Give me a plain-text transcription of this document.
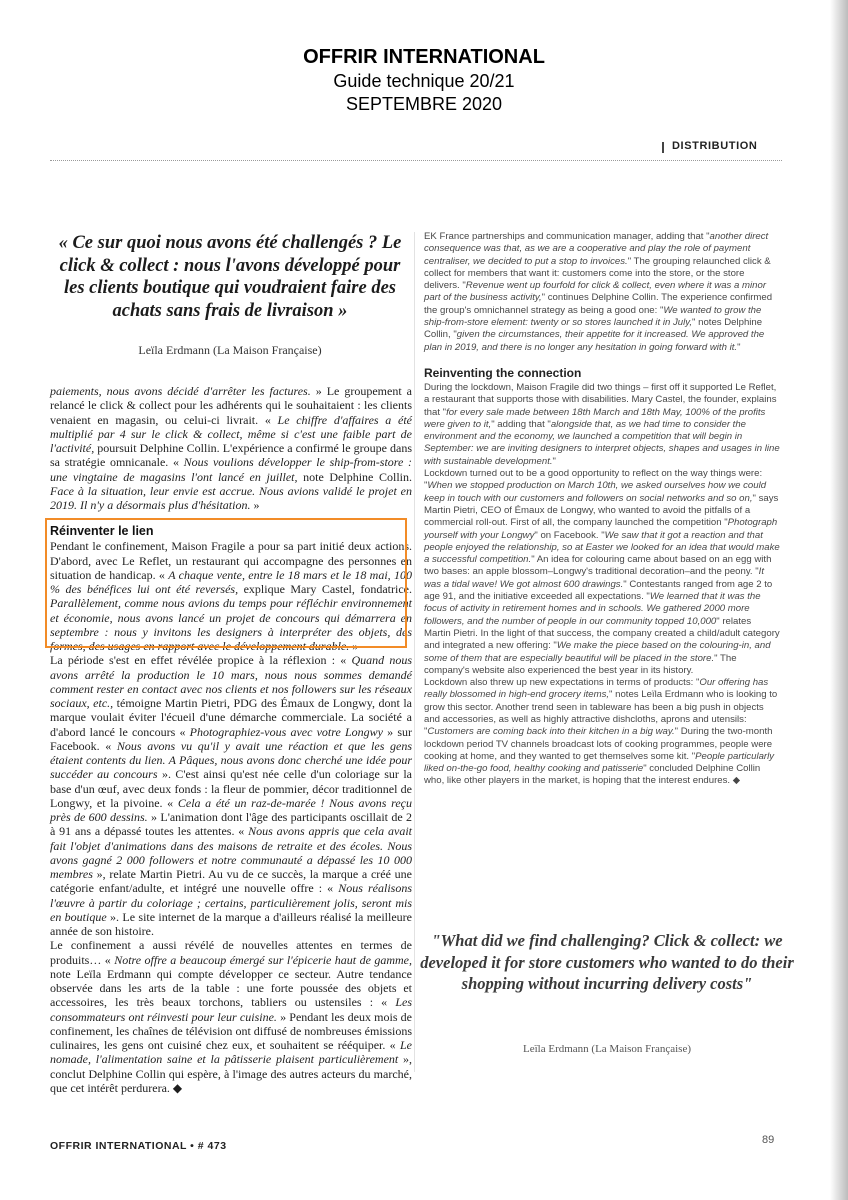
OFFRIR INTERNATIONAL
Guide technique 20/21
SEPTEMBRE 2020
DISTRIBUTION
« Ce sur quoi nous avons été challengés ? Le click & collect : nous l'avons développé pour les clients boutique qui voudraient faire des achats sans frais de livraison »
Leïla Erdmann (La Maison Française)

paiements, nous avons décidé d'arrêter les factures. » Le groupement a relancé le click & collect pour les adhérents qui le souhaitaient : les clients venaient en magasin, ou celui-ci livrait. « Le chiffre d'affaires a été multiplié par 4 sur le click & collect, même si c'est une faible part de l'activité, poursuit Delphine Collin. L'expérience a confirmé le groupe dans sa stratégie omnicanale. « Nous voulions développer le ship-from-store : une vingtaine de magasins l'ont lancé en juillet, note Delphine Collin. Face à la situation, leur envie est accrue. Nous avions validé le projet en 2019. Il n'y a désormais plus d'hésitation. »

Réinventer le lien

Pendant le confinement, Maison Fragile a pour sa part initié deux actions. D'abord, avec Le Reflet, un restaurant qui accompagne des personnes en situation de handicap. « A chaque vente, entre le 18 mars et le 18 mai, 100 % des bénéfices lui ont été reversés, explique Mary Castel, fondatrice. Parallèlement, comme nous avions du temps pour réfléchir environnement et économie, nous avons lancé un projet de concours qui démarrera en septembre : nous y invitons les designers à interpréter des objets, des formes, des usages en rapport avec le développement durable. »

La période s'est en effet révélée propice à la réflexion : « Quand nous avons arrêté la production le 10 mars, nous nous sommes demandé comment rester en contact avec nos clients et nos followers sur les réseaux sociaux, etc., témoigne Martin Pietri, PDG des Émaux de Longwy, dont la marque voulait éviter l'écueil d'une démarche commerciale. La société a d'abord lancé le concours « Photographiez-vous avec votre Longwy » sur Facebook. « Nous avons vu qu'il y avait une réaction et que les gens étaient contents du lien. A Pâques, nous avons donc cherché une idée pour succéder au concours ». C'est ainsi qu'est née celle d'un coloriage sur la base d'un œuf, avec deux fonds : la fleur de pommier, décor traditionnel de Longwy, et la pivoine. « Cela a été un raz-de-marée ! Nous avons reçu près de 600 dessins. » L'animation dont l'âge des participants oscillait de 2 à 91 ans a dépassé toutes les attentes. « Nous avons appris que cela avait fait l'objet d'animations dans des maisons de retraite et des écoles. Nous avons gagné 2 000 followers et notre communauté a dépassé les 10 000 membres », relate Martin Pietri. Au vu de ce succès, la marque a créé une catégorie enfant/adulte, et intégré une nouvelle offre : « Nous réalisons l'œuvre à partir du coloriage ; certains, particulièrement jolis, seront mis en boutique ». Le site internet de la marque a d'ailleurs réalisé la meilleure année de son histoire.

Le confinement a aussi révélé de nouvelles attentes en termes de produits… « Notre offre a beaucoup émergé sur l'épicerie haut de gamme, note Leïla Erdmann qui compte développer ce secteur. Autre tendance observée dans les arts de la table : une forte poussée des objets et accessoires, les très beaux torchons, tabliers ou ustensiles : « Les consommateurs ont réinvesti pour leur cuisine. » Pendant les deux mois de confinement, les chaînes de télévision ont diffusé de nombreuses émissions culinaires, les gens ont cuisiné chez eux, et souhaitent se rééquiper. « Le nomade, l'alimentation saine et la pâtisserie plaisent particulièrement », conclut Delphine Collin qui espère, à l'image des autres acteurs du marché, que cet intérêt perdurera. ◆

EK France partnerships and communication manager, adding that "another direct consequence was that, as we are a cooperative and play the role of payment centraliser, we decided to put a stop to invoices." The grouping relaunched click & collect for members that want it: customers come into the store, or the store delivers. "Revenue went up fourfold for click & collect, even where it was a minor part of the business activity," continues Delphine Collin. The experience confirmed the group's omnichannel strategy as being a good one: "We wanted to grow the ship-from-store element: twenty or so stores launched it in July," notes Delphine Collin, "given the circumstances, their appetite for it increased. We approved the plan in 2019, and there is no longer any hesitation in going forward with it."

Reinventing the connection

During the lockdown, Maison Fragile did two things – first off it supported Le Reflet, a restaurant that supports those with disabilities. Mary Castel, the founder, explains that "for every sale made between 18th March and 18th May, 100% of the profits were given to it," adding that "alongside that, as we had time to consider the environment and the economy, we launched a competition that will begin in September: we are inviting designers to interpret objects, shapes and usages in line with sustainable development."

Lockdown turned out to be a good opportunity to reflect on the way things were: "When we stopped production on March 10th, we asked ourselves how we could keep in touch with our customers and followers on social networks and so on," says Martin Pietri, CEO of Émaux de Longwy, who wanted to avoid the pitfalls of a commercial roll-out. First of all, the company launched the competition "Photograph yourself with your Longwy" on Facebook. "We saw that it got a reaction and that people enjoyed the relationship, so at Easter we looked for an idea that would make a successful competition." An idea for colouring came about based on an egg with two bases: an apple blossom–Longwy's traditional decoration–and the peony. "It was a tidal wave! We got almost 600 drawings." Contestants ranged from age 2 to age 91, and the initiative exceeded all expectations. "We learned that it was the focus of activity in retirement homes and in schools. We gathered 2000 more followers, and the number of people in our community topped 10,000" relates Martin Pietri. In the light of that success, the company created a child/adult category and integrated a new offering: "We make the piece based on the colouring-in, and some of them that are especially beautiful will be placed in the store." The company's website also experienced the best year in its history.

Lockdown also threw up new expectations in terms of products: "Our offering has really blossomed in high-end grocery items," notes Leïla Erdmann who is looking to grow this sector. Another trend seen in tableware has been a big push in objects and accessories, as well as highly attractive dishcloths, aprons and utensils: "Customers are coming back into their kitchen in a big way." During the two-month lockdown period TV channels broadcast lots of cooking programmes, people were cooking at home, and they wanted to get themselves some kit. "People particularly liked on-the-go food, healthy cooking and patisserie" concluded Delphine Collin who, like other players in the market, is hoping that the interest endures. ◆

"What did we find challenging? Click & collect: we developed it for store customers who wanted to do their shopping without incurring delivery costs"
Leïla Erdmann (La Maison Française)
OFFRIR INTERNATIONAL • # 473	89
